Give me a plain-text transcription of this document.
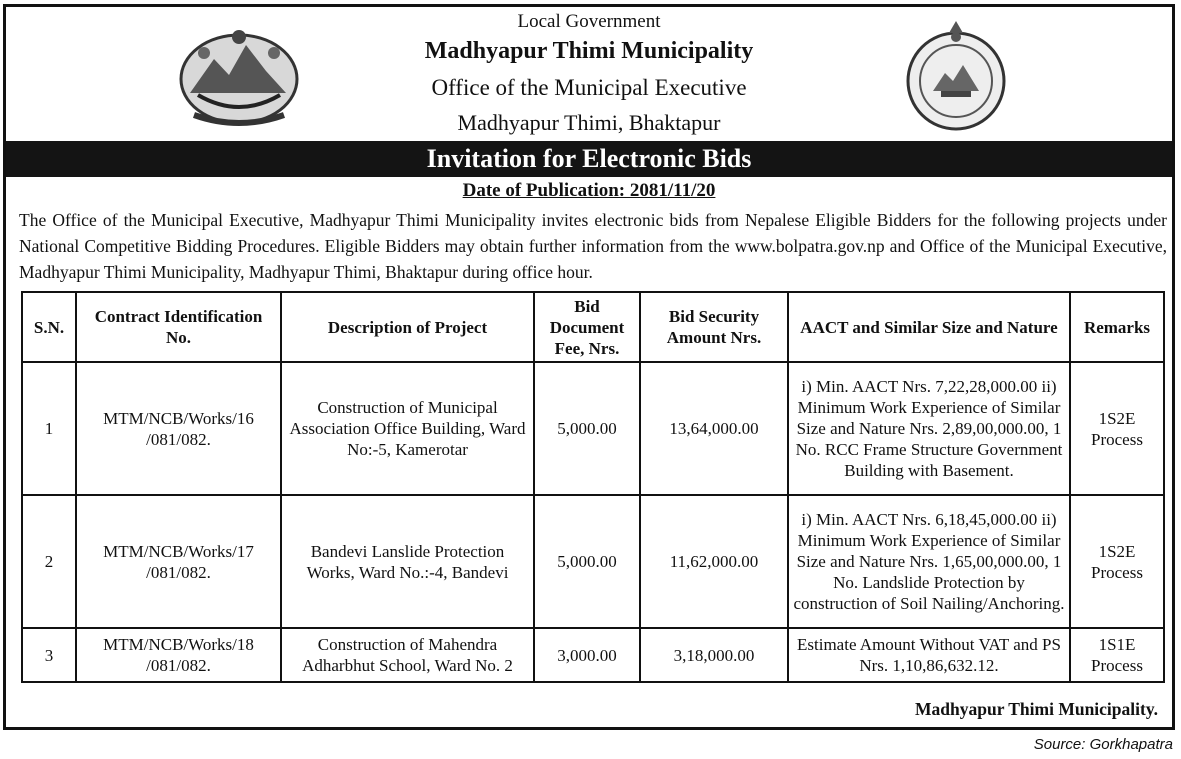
Local Government
Madhyapur Thimi Municipality
Office of the Municipal Executive
Madhyapur Thimi, Bhaktapur
Invitation for Electronic Bids
Date of Publication: 2081/11/20
The Office of the Municipal Executive, Madhyapur Thimi Municipality invites electronic bids from Nepalese Eligible Bidders for the following projects under National Competitive Bidding Procedures. Eligible Bidders may obtain further information from the www.bolpatra.gov.np and Office of the Municipal Executive, Madhyapur Thimi Municipality, Madhyapur Thimi, Bhaktapur during office hour.
S.N.	Contract Identification No.	Description of Project	Bid Document Fee, Nrs.	Bid Security Amount Nrs.	AACT and Similar Size and Nature	Remarks
1	MTM/NCB/Works/16 /081/082.	Construction of Municipal Association Office Building, Ward No:-5, Kamerotar	5,000.00	13,64,000.00	i) Min. AACT Nrs. 7,22,28,000.00 ii) Minimum Work Experience of Similar Size and Nature Nrs. 2,89,00,000.00, 1 No. RCC Frame Structure Government Building with Basement.	1S2E Process
2	MTM/NCB/Works/17 /081/082.	Bandevi Lanslide Protection Works, Ward No.:-4, Bandevi	5,000.00	11,62,000.00	i) Min. AACT Nrs. 6,18,45,000.00 ii) Minimum Work Experience of Similar Size and Nature Nrs. 1,65,00,000.00, 1 No. Landslide Protection by construction of Soil Nailing/Anchoring.	1S2E Process
3	MTM/NCB/Works/18 /081/082.	Construction of Mahendra Adharbhut School, Ward No. 2	3,000.00	3,18,000.00	Estimate Amount Without VAT and PS Nrs. 1,10,86,632.12.	1S1E Process
Madhyapur Thimi Municipality.
Source: Gorkhapatra
